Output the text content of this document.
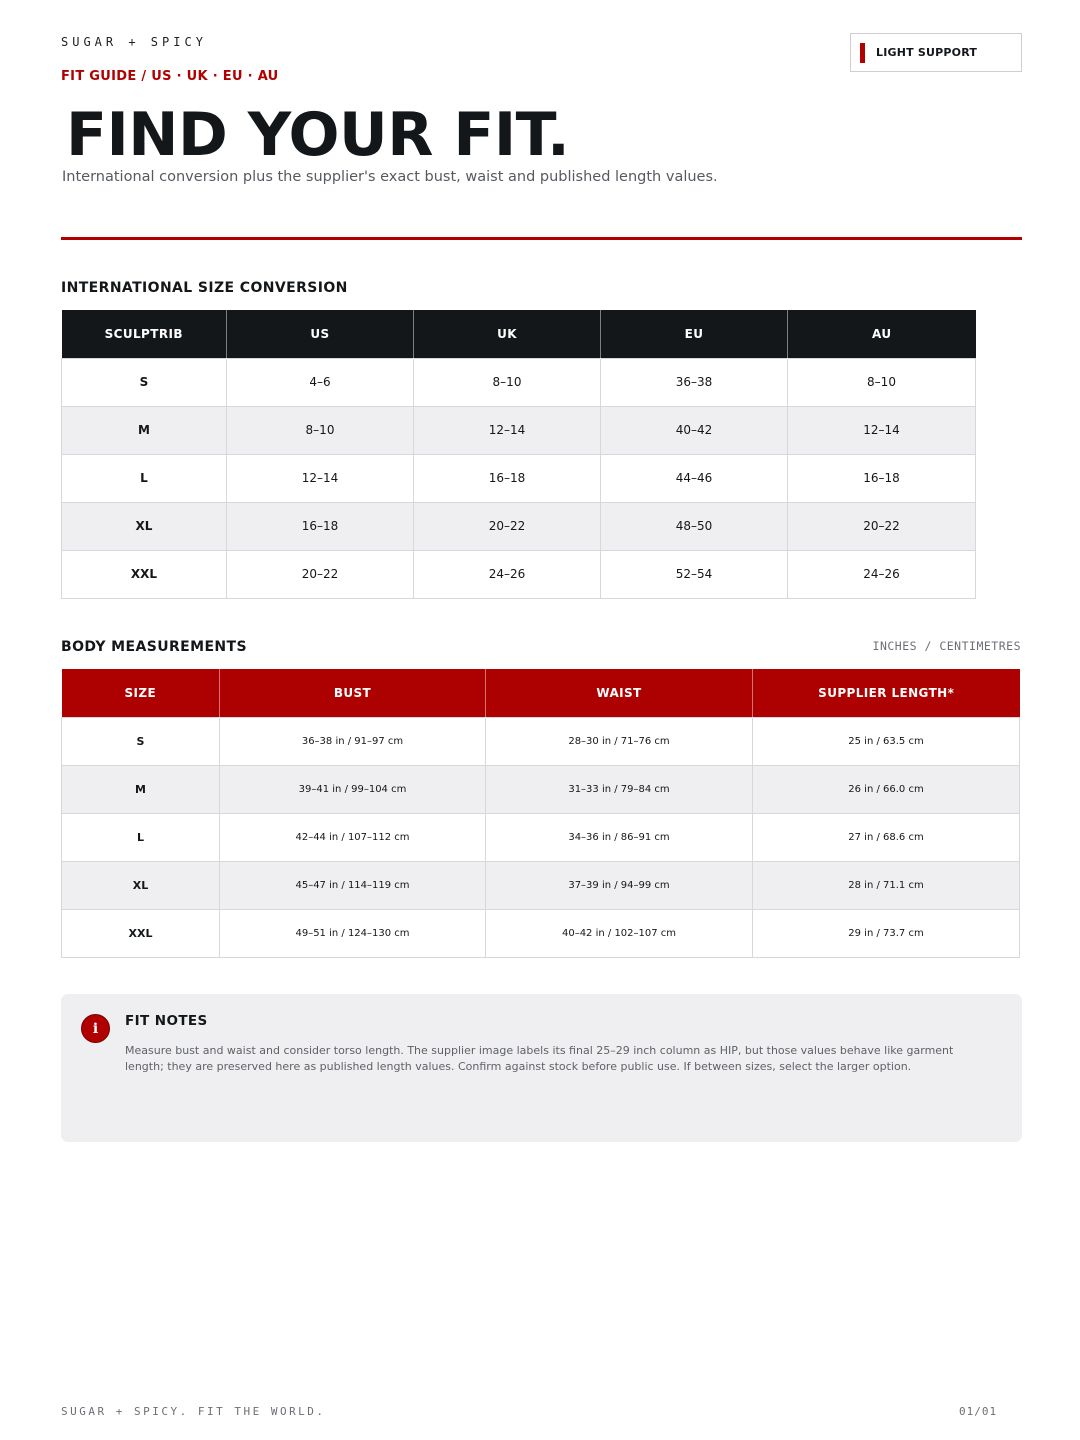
SUGAR + SPICY
FIT GUIDE / US · UK · EU · AU
LIGHT SUPPORT
FIND YOUR FIT.

International conversion plus the supplier's exact bust, waist and published length values.

INTERNATIONAL SIZE CONVERSION
SCULPTRIB	US	UK	EU	AU
S	4–6	8–10	36–38	8–10
M	8–10	12–14	40–42	12–14
L	12–14	16–18	44–46	16–18
XL	16–18	20–22	48–50	20–22
XXL	20–22	24–26	52–54	24–26
BODY MEASUREMENTS	INCHES / CENTIMETRES
SIZE	BUST	WAIST	SUPPLIER LENGTH*
S	36–38 in / 91–97 cm	28–30 in / 71–76 cm	25 in / 63.5 cm
M	39–41 in / 99–104 cm	31–33 in / 79–84 cm	26 in / 66.0 cm
L	42–44 in / 107–112 cm	34–36 in / 86–91 cm	27 in / 68.6 cm
XL	45–47 in / 114–119 cm	37–39 in / 94–99 cm	28 in / 71.1 cm
XXL	49–51 in / 124–130 cm	40–42 in / 102–107 cm	29 in / 73.7 cm
i	FIT NOTES

Measure bust and waist and consider torso length. The supplier image labels its final 25–29 inch column as HIP, but those values behave like garment length; they are preserved here as published length values. Confirm against stock before public use. If between sizes, select the larger option.

SUGAR + SPICY. FIT THE WORLD.	01/01
